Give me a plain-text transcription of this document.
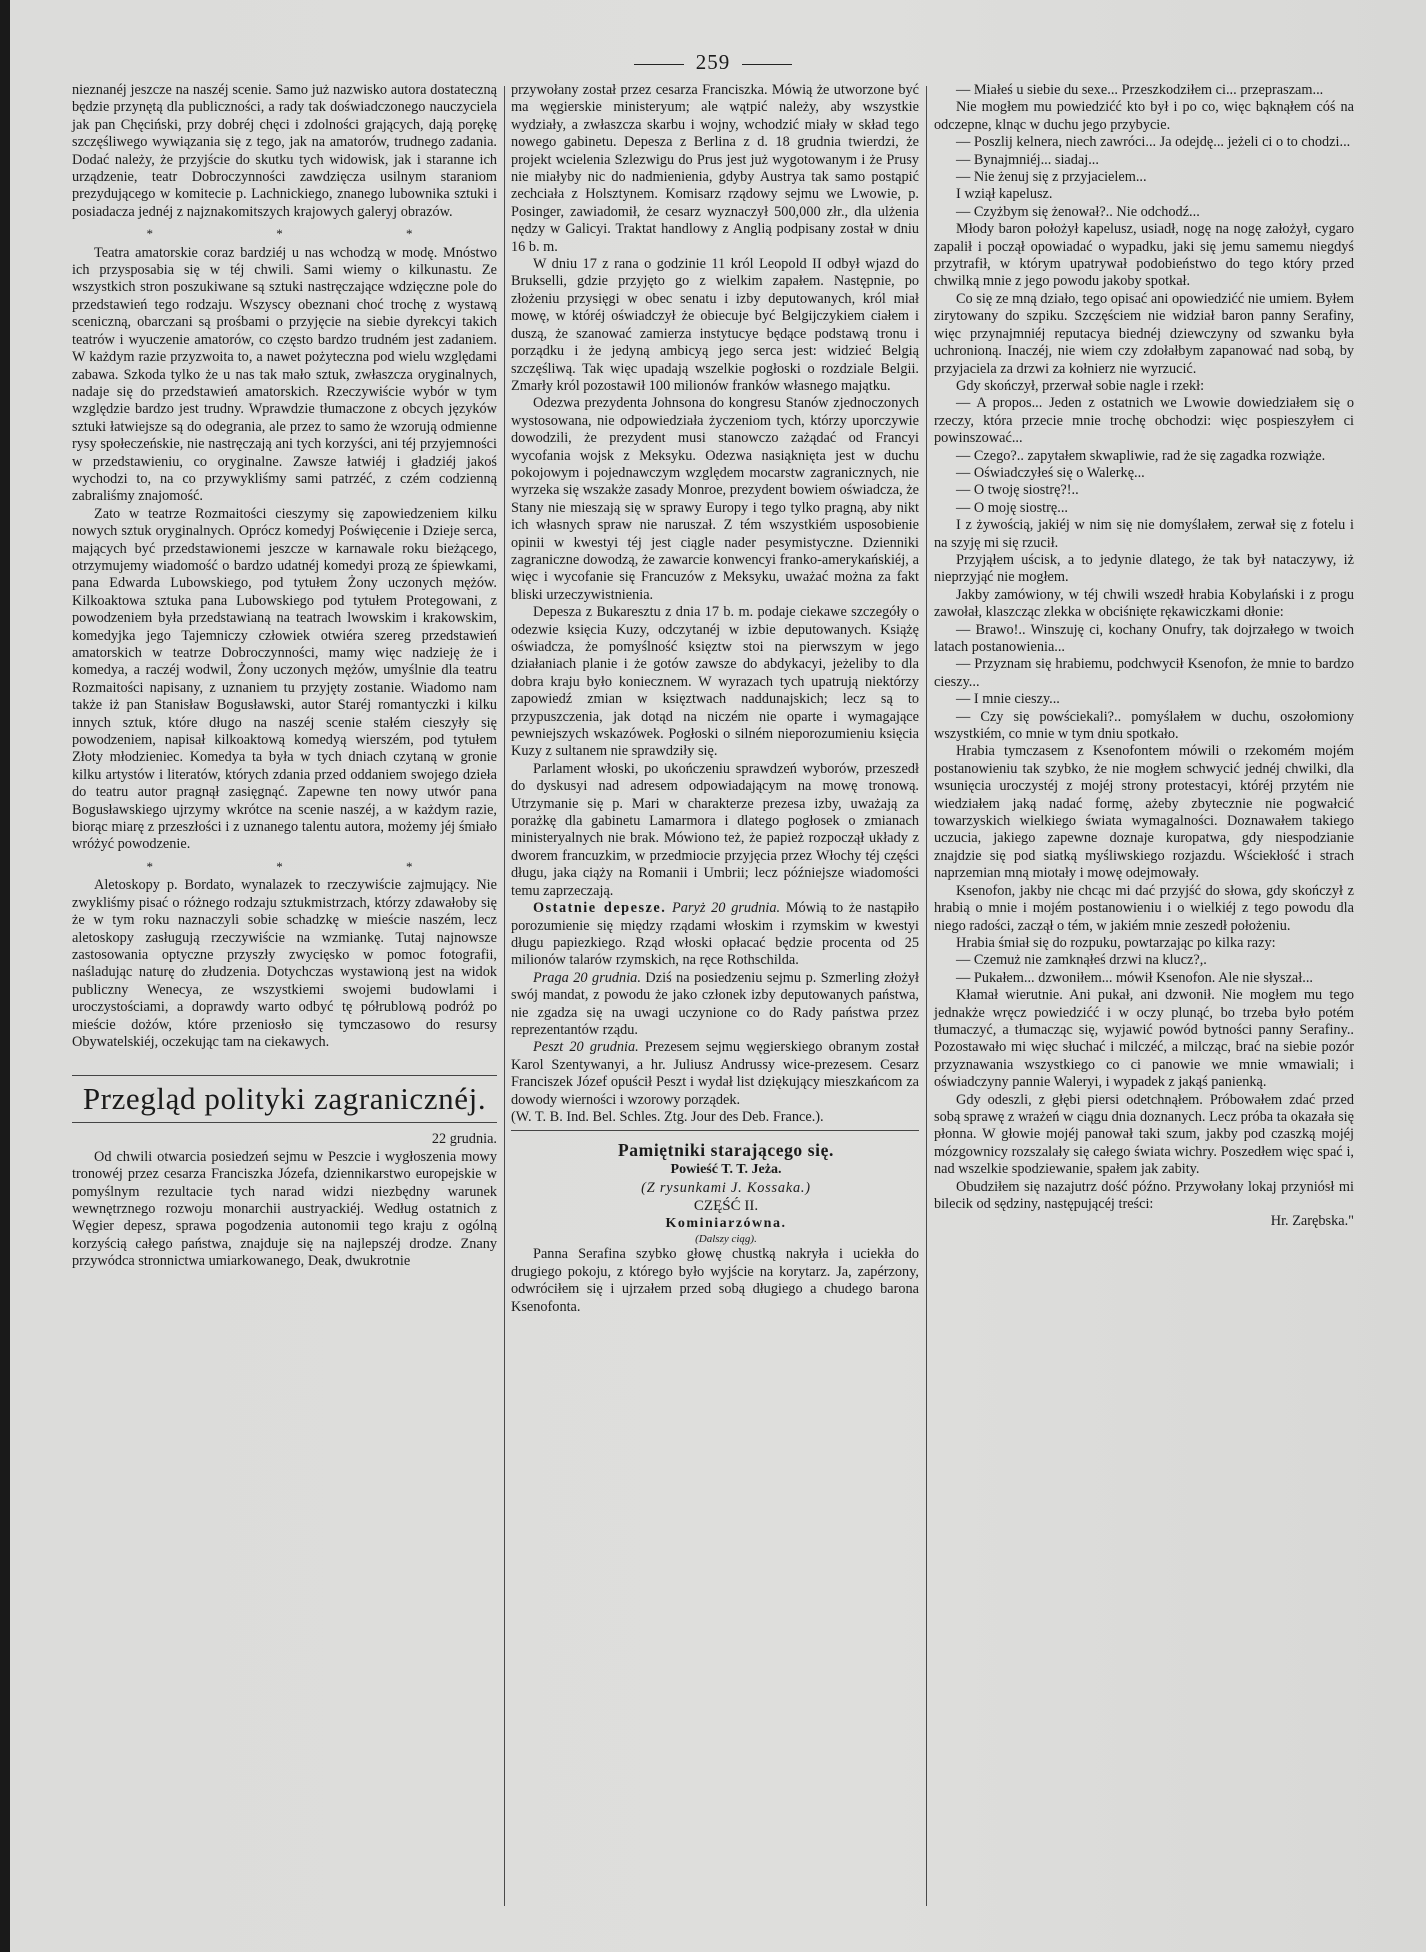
259

nieznanéj jeszcze na naszéj scenie. Samo już nazwisko autora dostateczną będzie przynętą dla publiczności, a rady tak doświadczonego nauczyciela jak pan Chęciński, przy dobréj chęci i zdolności grających, dają porękę szczęśliwego wywiązania się z tego, jak na amatorów, trudnego zadania. Dodać należy, że przyjście do skutku tych widowisk, jak i staranne ich urządzenie, teatr Dobroczynności zawdzięcza usilnym staraniom prezydującego w komitecie p. Lachnickiego, znanego lubownika sztuki i posiadacza jednéj z najznakomitszych krajowych galeryj obrazów.

* * *

Teatra amatorskie coraz bardziéj u nas wchodzą w modę. Mnóstwo ich przysposabia się w téj chwili. Sami wiemy o kilkunastu. Ze wszystkich stron poszukiwane są sztuki nastręczające wdzięczne pole do przedstawień tego rodzaju. Wszyscy obeznani choć trochę z wystawą sceniczną, obarczani są prośbami o przyjęcie na siebie dyrekcyi takich teatrów i wyuczenie amatorów, co często bardzo trudném jest zadaniem. W każdym razie przyzwoita to, a nawet pożyteczna pod wielu względami zabawa. Szkoda tylko że u nas tak mało sztuk, zwłaszcza oryginalnych, nadaje się do przedstawień amatorskich. Rzeczywiście wybór w tym względzie bardzo jest trudny. Wprawdzie tłumaczone z obcych języków sztuki łatwiejsze są do odegrania, ale przez to samo że wzorują odmienne rysy społeczeńskie, nie nastręczają ani tych korzyści, ani téj przyjemności w przedstawieniu, co oryginalne. Zawsze łatwiéj i gładziéj jakoś wychodzi to, na co przywykliśmy sami patrzéć, z czém codzienną zabraliśmy znajomość.

Zato w teatrze Rozmaitości cieszymy się zapowiedzeniem kilku nowych sztuk oryginalnych. Oprócz komedyj Poświęcenie i Dzieje serca, mających być przedstawionemi jeszcze w karnawale roku bieżącego, otrzymujemy wiadomość o bardzo udatnéj komedyi prozą ze śpiewkami, pana Edwarda Lubowskiego, pod tytułem Żony uczonych mężów. Kilkoaktowa sztuka pana Lubowskiego pod tytułem Protegowani, z powodzeniem była przedstawianą na teatrach lwowskim i krakowskim, komedyjka jego Tajemniczy człowiek otwiéra szereg przedstawień amatorskich w teatrze Dobroczynności, mamy więc nadzieję że i komedya, a raczéj wodwil, Żony uczonych mężów, umyślnie dla teatru Rozmaitości napisany, z uznaniem tu przyjęty zostanie. Wiadomo nam także iż pan Stanisław Bogusławski, autor Staréj romantyczki i kilku innych sztuk, które długo na naszéj scenie stałém cieszyły się powodzeniem, napisał kilkoaktową komedyą wierszém, pod tytułem Złoty młodzieniec. Komedya ta była w tych dniach czytaną w gronie kilku artystów i literatów, których zdania przed oddaniem swojego dzieła do teatru autor pragnął zasięgnąć. Zapewne ten nowy utwór pana Bogusławskiego ujrzymy wkrótce na scenie naszéj, a w każdym razie, biorąc miarę z przeszłości i z uznanego talentu autora, możemy jéj śmiało wróżyć powodzenie.

* * *

Aletoskopy p. Bordato, wynalazek to rzeczywiście zajmujący. Nie zwykliśmy pisać o różnego rodzaju sztukmistrzach, którzy zdawałoby się że w tym roku naznaczyli sobie schadzkę w mieście naszém, lecz aletoskopy zasługują rzeczywiście na wzmiankę. Tutaj najnowsze zastosowania optyczne przyszły zwycięsko w pomoc fotografii, naśladując naturę do złudzenia. Dotychczas wystawioną jest na widok publiczny Wenecya, ze wszystkiemi swojemi budowlami i uroczystościami, a doprawdy warto odbyć tę półrublową podróż po mieście dożów, które przeniosło się tymczasowo do resursy Obywatelskiéj, oczekując tam na ciekawych.

Przegląd polityki zagranicznéj.

22 grudnia.

Od chwili otwarcia posiedzeń sejmu w Peszcie i wygłoszenia mowy tronowéj przez cesarza Franciszka Józefa, dziennikarstwo europejskie w pomyślnym rezultacie tych narad widzi niezbędny warunek wewnętrznego rozwoju monarchii austryackiéj. Według ostatnich z Węgier depesz, sprawa pogodzenia autonomii tego kraju z ogólną korzyścią całego państwa, znajduje się na najlepszéj drodze. Znany przywódca stronnictwa umiarkowanego, Deak, dwukrotnie

przywołany został przez cesarza Franciszka. Mówią że utworzone być ma węgierskie ministeryum; ale wątpić należy, aby wszystkie wydziały, a zwłaszcza skarbu i wojny, wchodzić miały w skład tego nowego gabinetu. Depesza z Berlina z d. 18 grudnia twierdzi, że projekt wcielenia Szlezwigu do Prus jest już wygotowanym i że Prusy nie miałyby nic do nadmienienia, gdyby Austrya tak samo postąpić zechciała z Holsztynem. Komisarz rządowy sejmu we Lwowie, p. Posinger, zawiadomił, że cesarz wyznaczył 500,000 złr., dla ulżenia nędzy w Galicyi. Traktat handlowy z Anglią podpisany został w dniu 16 b. m.

W dniu 17 z rana o godzinie 11 król Leopold II odbył wjazd do Brukselli, gdzie przyjęto go z wielkim zapałem. Następnie, po złożeniu przysięgi w obec senatu i izby deputowanych, król miał mowę, w któréj oświadczył że obiecuje być Belgijczykiem ciałem i duszą, że szanować zamierza instytucye będące podstawą tronu i porządku i że jedyną ambicyą jego serca jest: widzieć Belgią szczęśliwą. Tak więc upadają wszelkie pogłoski o rozdziale Belgii. Zmarły król pozostawił 100 milionów franków własnego majątku.

Odezwa prezydenta Johnsona do kongresu Stanów zjednoczonych wystosowana, nie odpowiedziała życzeniom tych, którzy uporczywie dowodzili, że prezydent musi stanowczo zażądać od Francyi wycofania wojsk z Meksyku. Odezwa nasiąknięta jest w duchu pokojowym i pojednawczym względem mocarstw zagranicznych, nie wyrzeka się wszakże zasady Monroe, prezydent bowiem oświadcza, że Stany nie mieszają się w sprawy Europy i tego tylko pragną, aby nikt ich własnych spraw nie naruszał. Z tém wszystkiém usposobienie opinii w kwestyi téj jest ciągle nader pesymistyczne. Dzienniki zagraniczne dowodzą, że zawarcie konwencyi franko-amerykańskiéj, a więc i wycofanie się Francuzów z Meksyku, uważać można za fakt bliski urzeczywistnienia.

Depesza z Bukaresztu z dnia 17 b. m. podaje ciekawe szczegóły o odezwie księcia Kuzy, odczytanéj w izbie deputowanych. Książę oświadcza, że pomyślność księztw stoi na pierwszym w jego działaniach planie i że gotów zawsze do abdykacyi, jeżeliby to dla dobra kraju było koniecznem. W wyrazach tych upatrują niektórzy zapowiedź zmian w księztwach naddunajskich; lecz są to przypuszczenia, jak dotąd na niczém nie oparte i wymagające pewniejszych wskazówek. Pogłoski o silném nieporozumieniu księcia Kuzy z sultanem nie sprawdziły się.

Parlament włoski, po ukończeniu sprawdzeń wyborów, przeszedł do dyskusyi nad adresem odpowiadającym na mowę tronową. Utrzymanie się p. Mari w charakterze prezesa izby, uważają za porażkę dla gabinetu Lamarmora i dlatego pogłosek o zmianach ministeryalnych nie brak. Mówiono też, że papież rozpoczął układy z dworem francuzkim, w przedmiocie przyjęcia przez Włochy téj części długu, jaka ciąży na Romanii i Umbrii; lecz późniejsze wiadomości temu zaprzeczają.

Ostatnie depesze. Paryż 20 grudnia. Mówią to że nastąpiło porozumienie się między rządami włoskim i rzymskim w kwestyi długu papiezkiego. Rząd włoski opłacać będzie procenta od 25 milionów talarów rzymskich, na ręce Rothschilda.

Praga 20 grudnia. Dziś na posiedzeniu sejmu p. Szmerling złożył swój mandat, z powodu że jako członek izby deputowanych państwa, nie zgadza się na uwagi uczynione co do Rady państwa przez reprezentantów rządu.

Peszt 20 grudnia. Prezesem sejmu węgierskiego obranym został Karol Szentywanyi, a hr. Juliusz Andrussy wice-prezesem. Cesarz Franciszek Józef opuścił Peszt i wydał list dziękujący mieszkańcom za dowody wierności i wzorowy porządek.

(W. T. B. Ind. Bel. Schles. Ztg. Jour des Deb. France.).

Pamiętniki starającego się.

Powieść T. T. Jeża.

(Z rysunkami J. Kossaka.)

CZĘŚĆ II.

Kominiarzówna.

(Dalszy ciąg).

Panna Serafina szybko głowę chustką nakryła i uciekła do drugiego pokoju, z którego było wyjście na korytarz. Ja, zapérzony, odwróciłem się i ujrzałem przed sobą długiego a chudego barona Ksenofonta.

— Miałeś u siebie du sexe... Przeszkodziłem ci... przepraszam...

Nie mogłem mu powiedzićć kto był i po co, więc bąknąłem cóś na odczepne, klnąc w duchu jego przybycie.

— Poszlij kelnera, niech zawróci... Ja odejdę... jeżeli ci o to chodzi...

— Bynajmniéj... siadaj...

— Nie żenuj się z przyjacielem...

I wziął kapelusz.

— Czyżbym się żenował?.. Nie odchodź...

Młody baron położył kapelusz, usiadł, nogę na nogę założył, cygaro zapalił i począł opowiadać o wypadku, jaki się jemu samemu niegdyś przytrafił, w którym upatrywał podobieństwo do tego który przed chwilką mnie z jego powodu jakoby spotkał.

Co się ze mną działo, tego opisać ani opowiedzićć nie umiem. Byłem zirytowany do szpiku. Szczęściem nie widział baron panny Serafiny, więc przynajmniéj reputacya biednéj dziewczyny od szwanku była uchronioną. Inaczéj, nie wiem czy zdołałbym zapanować nad sobą, by przyjaciela za drzwi za kołnierz nie wyrzucić.

Gdy skończył, przerwał sobie nagle i rzekł:

— A propos... Jeden z ostatnich we Lwowie dowiedziałem się o rzeczy, która przecie mnie trochę obchodzi: więc pospieszyłem ci powinszować...

— Czego?.. zapytałem skwapliwie, rad że się zagadka rozwiąże.

— Oświadczyłeś się o Walerkę...

— O twoję siostrę?!..

— O moję siostrę...

I z żywością, jakiéj w nim się nie domyślałem, zerwał się z fotelu i na szyję mi się rzucił.

Przyjąłem uścisk, a to jedynie dlatego, że tak był nataczywy, iż nieprzyjąć nie mogłem.

Jakby zamówiony, w téj chwili wszedł hrabia Kobylański i z progu zawołał, klaszcząc zlekka w obciśnięte rękawiczkami dłonie:

— Brawo!.. Winszuję ci, kochany Onufry, tak dojrzałego w twoich latach postanowienia...

— Przyznam się hrabiemu, podchwycił Ksenofon, że mnie to bardzo cieszy...

— I mnie cieszy...

— Czy się powściekali?.. pomyślałem w duchu, oszołomiony wszystkiém, co mnie w tym dniu spotkało.

Hrabia tymczasem z Ksenofontem mówili o rzekomém mojém postanowieniu tak szybko, że nie mogłem schwycić jednéj chwilki, dla wsunięcia uroczystéj z mojéj strony protestacyi, któréj przytém nie wiedziałem jaką nadać formę, ażeby zbytecznie nie pogwałcić towarzyskich wielkiego świata wymagalności. Doznawałem takiego uczucia, jakiego zapewne doznaje kuropatwa, gdy niespodzianie znajdzie się pod siatką myśliwskiego rozjazdu. Wściekłość i strach naprzemian mną miotały i mowę odejmowały.

Ksenofon, jakby nie chcąc mi dać przyjść do słowa, gdy skończył z hrabią o mnie i mojém postanowieniu i o wielkiéj z tego powodu dla niego radości, zaczął o tém, w jakiém mnie zeszedł położeniu.

Hrabia śmiał się do rozpuku, powtarzając po kilka razy:

— Czemuż nie zamknąłeś drzwi na klucz?,.

— Pukałem... dzwoniłem... mówił Ksenofon. Ale nie słyszał...

Kłamał wierutnie. Ani pukał, ani dzwonił. Nie mogłem mu tego jednakże wręcz powiedzićć i w oczy plunąć, bo trzeba było potém tłumaczyć, a tłumacząc się, wyjawić powód bytności panny Serafiny.. Pozostawało mi więc słuchać i milczéć, a milcząc, brać na siebie pozór przyznawania wszystkiego co ci panowie we mnie wmawiali; i oświadczyny pannie Waleryi, i wypadek z jakąś panienką.

Gdy odeszli, z głębi piersi odetchnąłem. Próbowałem zdać przed sobą sprawę z wrażeń w ciągu dnia doznanych. Lecz próba ta okazała się płonna. W głowie mojéj panował taki szum, jakby pod czaszką mojéj mózgownicy rozszalały się całego świata wichry. Poszedłem więc spać i, nad wszelkie spodziewanie, spałem jak zabity.

Obudziłem się nazajutrz dość późno. Przywołany lokaj przyniósł mi bilecik od sędziny, następującéj treści:

Hr. Zarębska."
